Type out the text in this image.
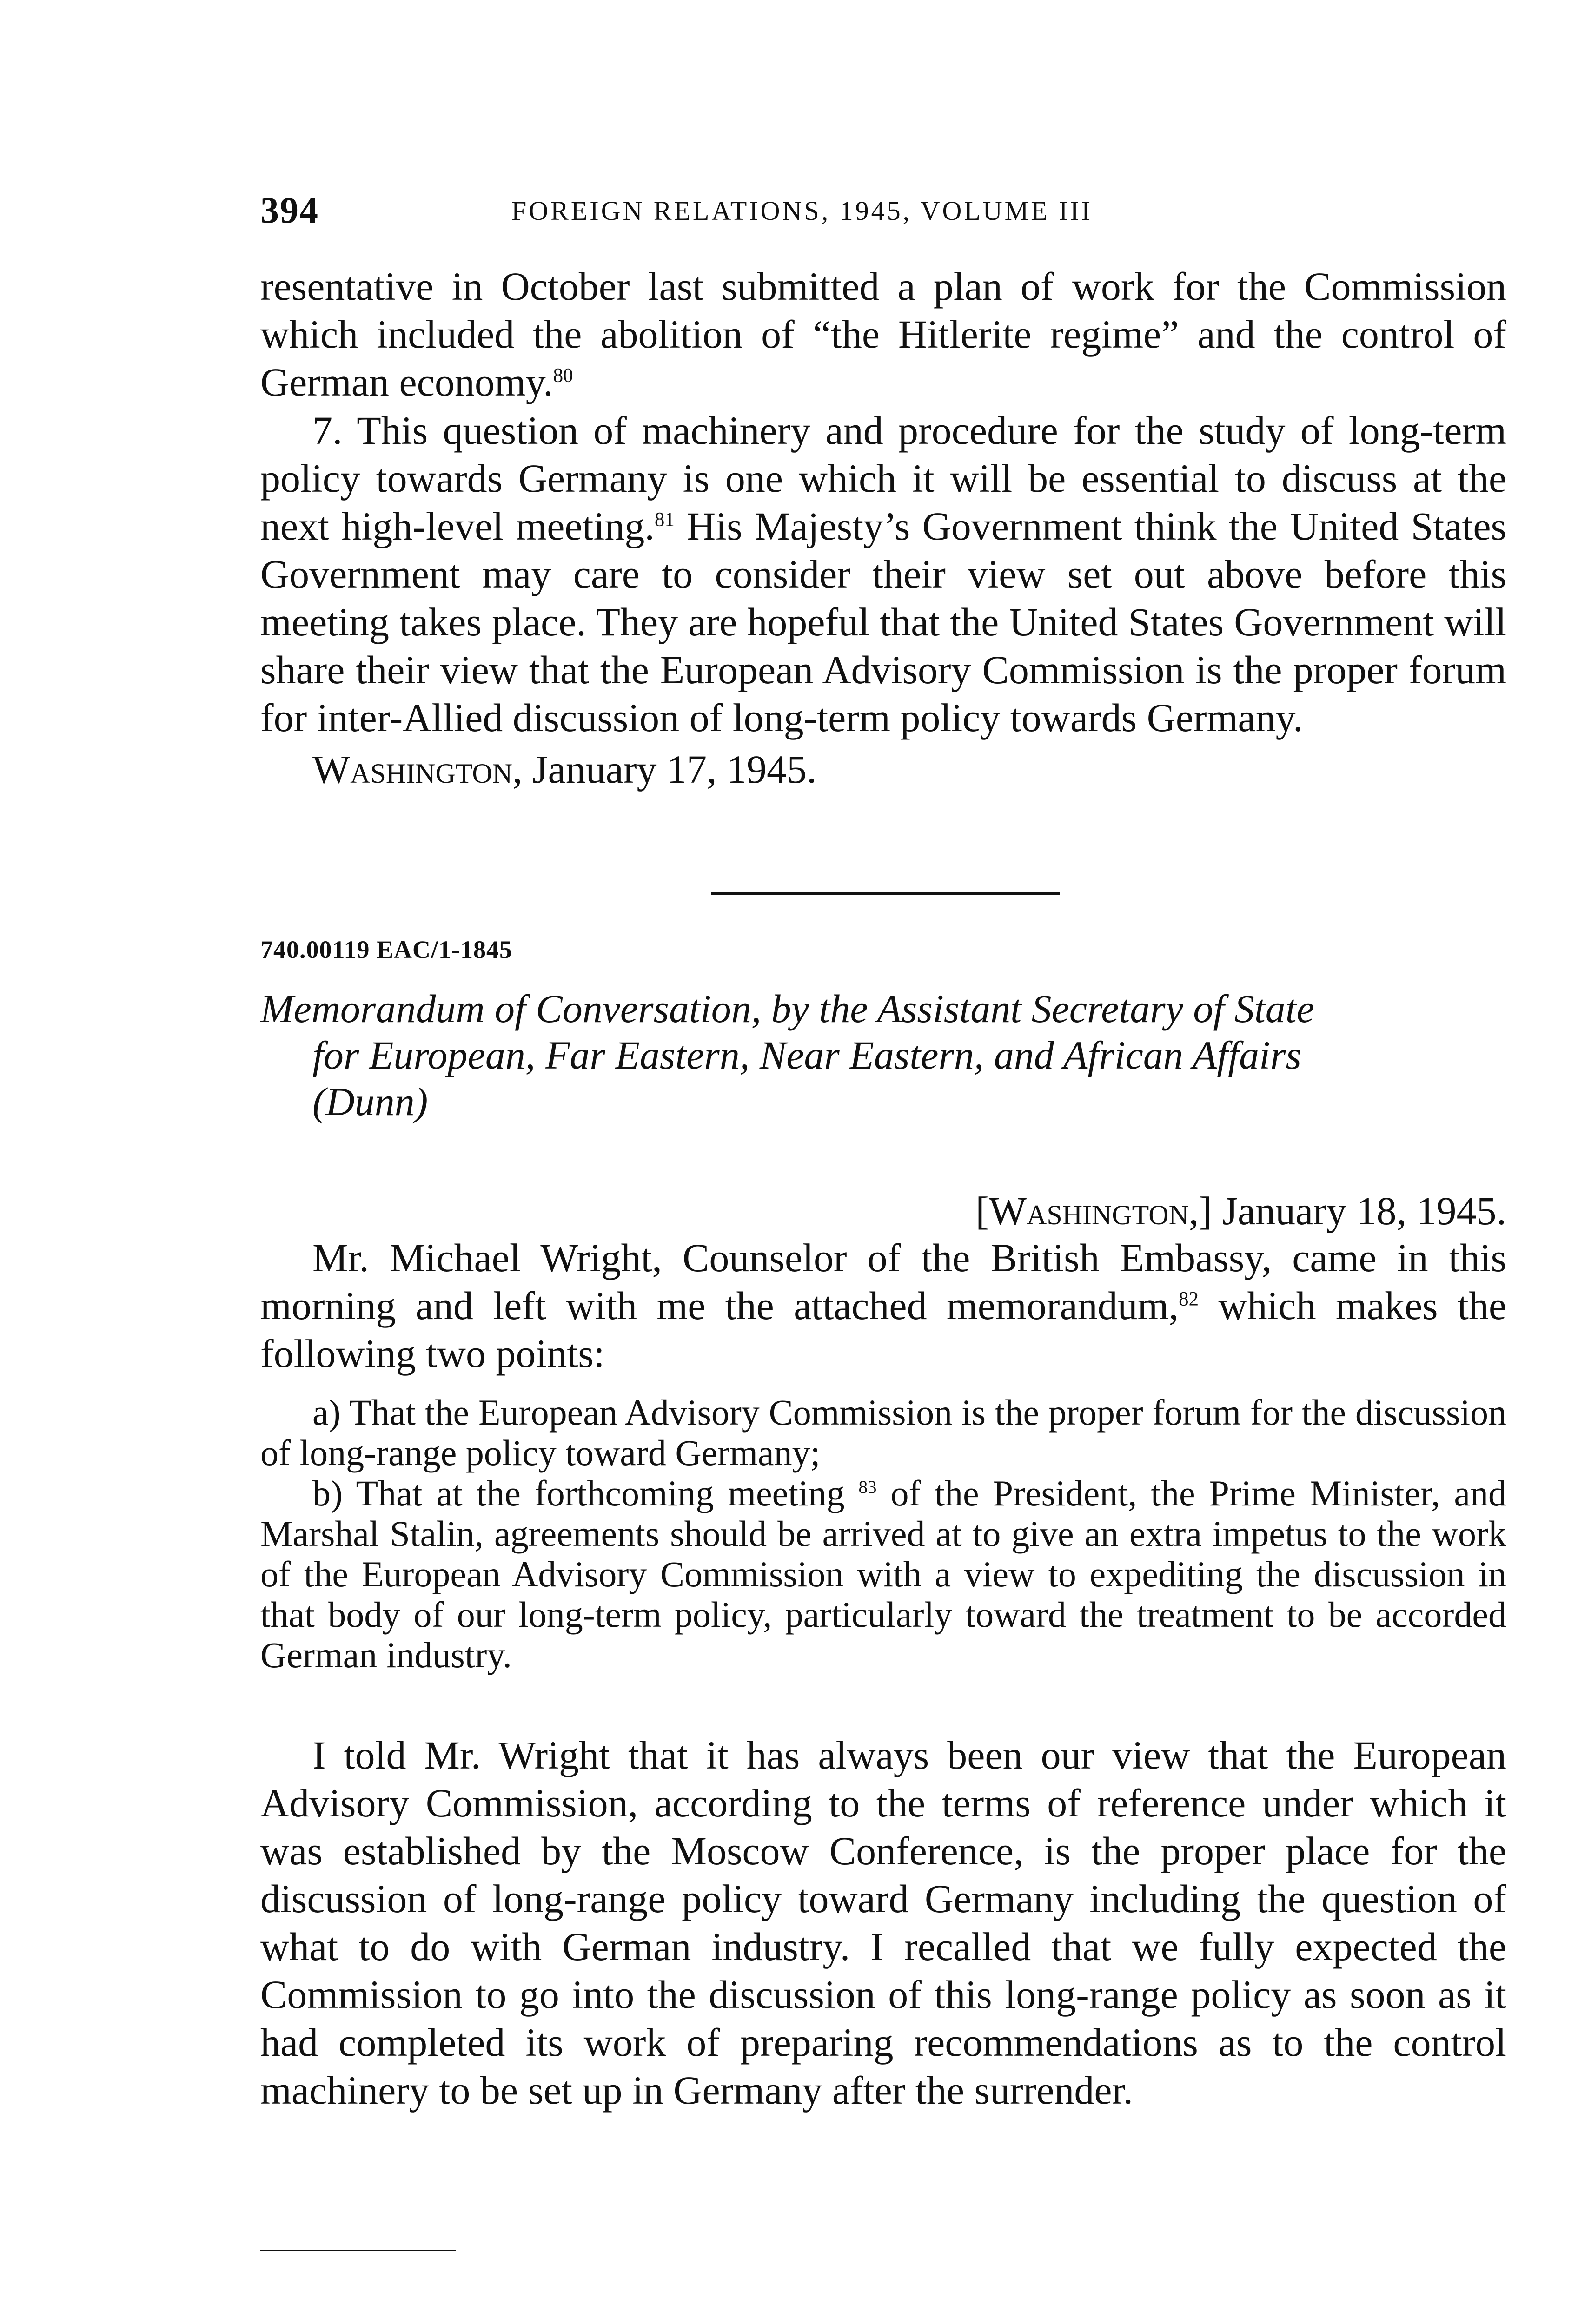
394	FOREIGN RELATIONS, 1945, VOLUME III

resentative in October last submitted a plan of work for the Commission which included the abolition of “the Hitlerite regime” and the control of German economy.$^{80}$

7. This question of machinery and procedure for the study of long-term policy towards Germany is one which it will be essential to discuss at the next high-level meeting.$^{81}$ His Majesty’s Government think the United States Government may care to consider their view set out above before this meeting takes place. They are hopeful that the United States Government will share their view that the European Advisory Commission is the proper forum for inter-Allied discussion of long-term policy towards Germany.

Washington, January 17, 1945.

740.00119 EAC/1-1845

Memorandum of Conversation, by the Assistant Secretary of State
for European, Far Eastern, Near Eastern, and African Affairs
(Dunn)

[Washington,] January 18, 1945.

Mr. Michael Wright, Counselor of the British Embassy, came in this morning and left with me the attached memorandum,$^{82}$ which makes the following two points:

a) That the European Advisory Commission is the proper forum for the discussion of long-range policy toward Germany;

b) That at the forthcoming meeting $^{83}$ of the President, the Prime Minister, and Marshal Stalin, agreements should be arrived at to give an extra impetus to the work of the European Advisory Commission with a view to expediting the discussion in that body of our long-term policy, particularly toward the treatment to be accorded German industry.

I told Mr. Wright that it has always been our view that the European Advisory Commission, according to the terms of reference under which it was established by the Moscow Conference, is the proper place for the discussion of long-range policy toward Germany including the question of what to do with German industry. I recalled that we fully expected the Commission to go into the discussion of this long-range policy as soon as it had completed its work of preparing recommendations as to the control machinery to be set up in Germany after the surrender.
